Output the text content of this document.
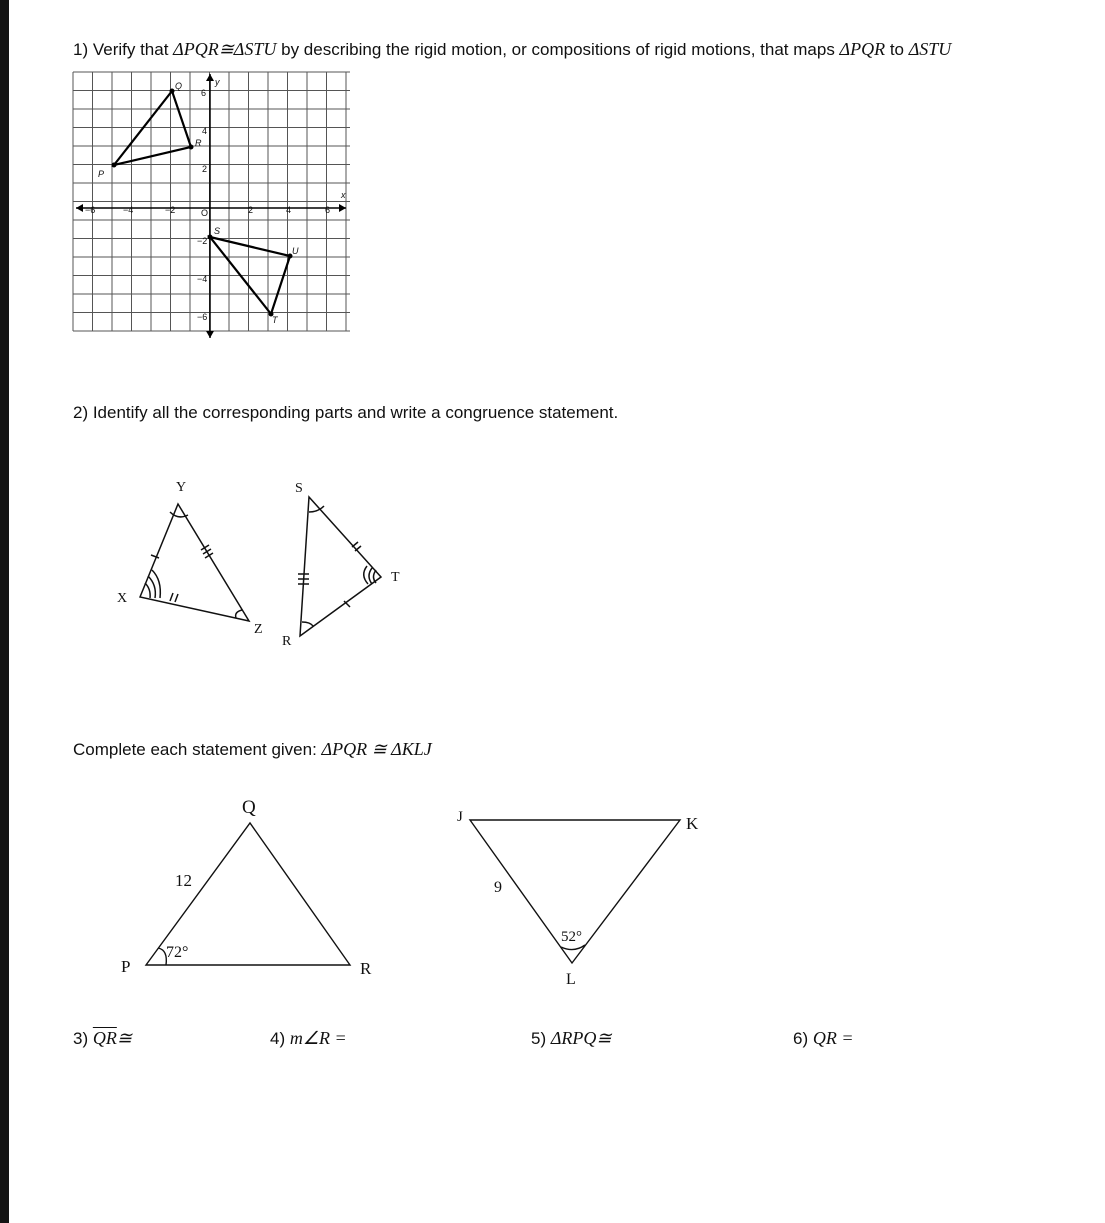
1) Verify that ΔPQR≅ΔSTU by describing the rigid motion, or compositions of rigid motions, that maps ΔPQR to ΔSTU
−6	−4	−2	2	4	6
6
4
2
−2
−4
−6
O
x
y
P
Q
R
S
U
T
2) Identify all the corresponding parts and write a congruence statement.
Y
X
Z
S
T
R
Complete each statement given: ΔPQR ≅ ΔKLJ
Q
P	R
12
72°
J	K
L
9
52°
3) $\overline{QR}≅$	4) m∠R =	5) ΔRPQ≅	6) QR =
